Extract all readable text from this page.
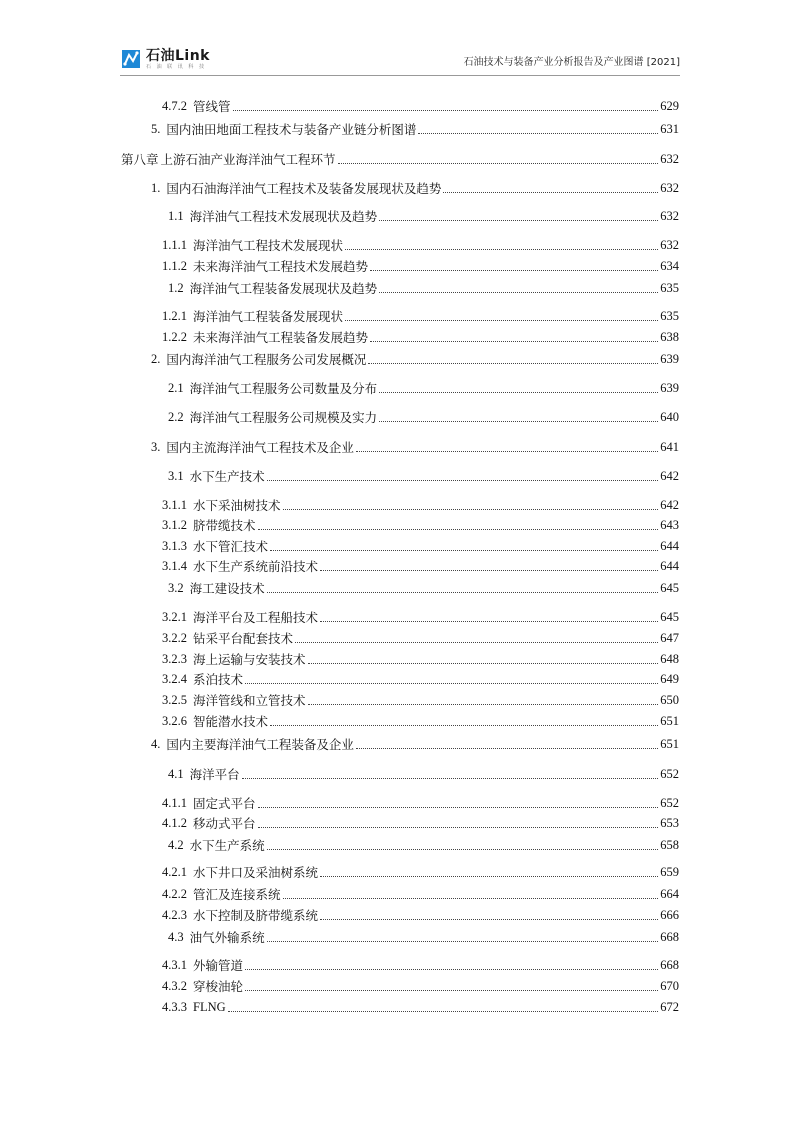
石油Link
石 油 联 讯 科 技	石油技术与装备产业分析报告及产业图谱 [2021]
4.7.2 管线管	629
5. 国内油田地面工程技术与装备产业链分析图谱	631
第八章 上游石油产业海洋油气工程环节	632
1. 国内石油海洋油气工程技术及装备发展现状及趋势	632
1.1 海洋油气工程技术发展现状及趋势	632
1.1.1 海洋油气工程技术发展现状	632
1.1.2 未来海洋油气工程技术发展趋势	634
1.2 海洋油气工程装备发展现状及趋势	635
1.2.1 海洋油气工程装备发展现状	635
1.2.2 未来海洋油气工程装备发展趋势	638
2. 国内海洋油气工程服务公司发展概况	639
2.1 海洋油气工程服务公司数量及分布	639
2.2 海洋油气工程服务公司规模及实力	640
3. 国内主流海洋油气工程技术及企业	641
3.1 水下生产技术	642
3.1.1 水下采油树技术	642
3.1.2 脐带缆技术	643
3.1.3 水下管汇技术	644
3.1.4 水下生产系统前沿技术	644
3.2 海工建设技术	645
3.2.1 海洋平台及工程船技术	645
3.2.2 钻采平台配套技术	647
3.2.3 海上运输与安装技术	648
3.2.4 系泊技术	649
3.2.5 海洋管线和立管技术	650
3.2.6 智能潜水技术	651
4. 国内主要海洋油气工程装备及企业	651
4.1 海洋平台	652
4.1.1 固定式平台	652
4.1.2 移动式平台	653
4.2 水下生产系统	658
4.2.1 水下井口及采油树系统	659
4.2.2 管汇及连接系统	664
4.2.3 水下控制及脐带缆系统	666
4.3 油气外输系统	668
4.3.1 外输管道	668
4.3.2 穿梭油轮	670
4.3.3 FLNG	672
